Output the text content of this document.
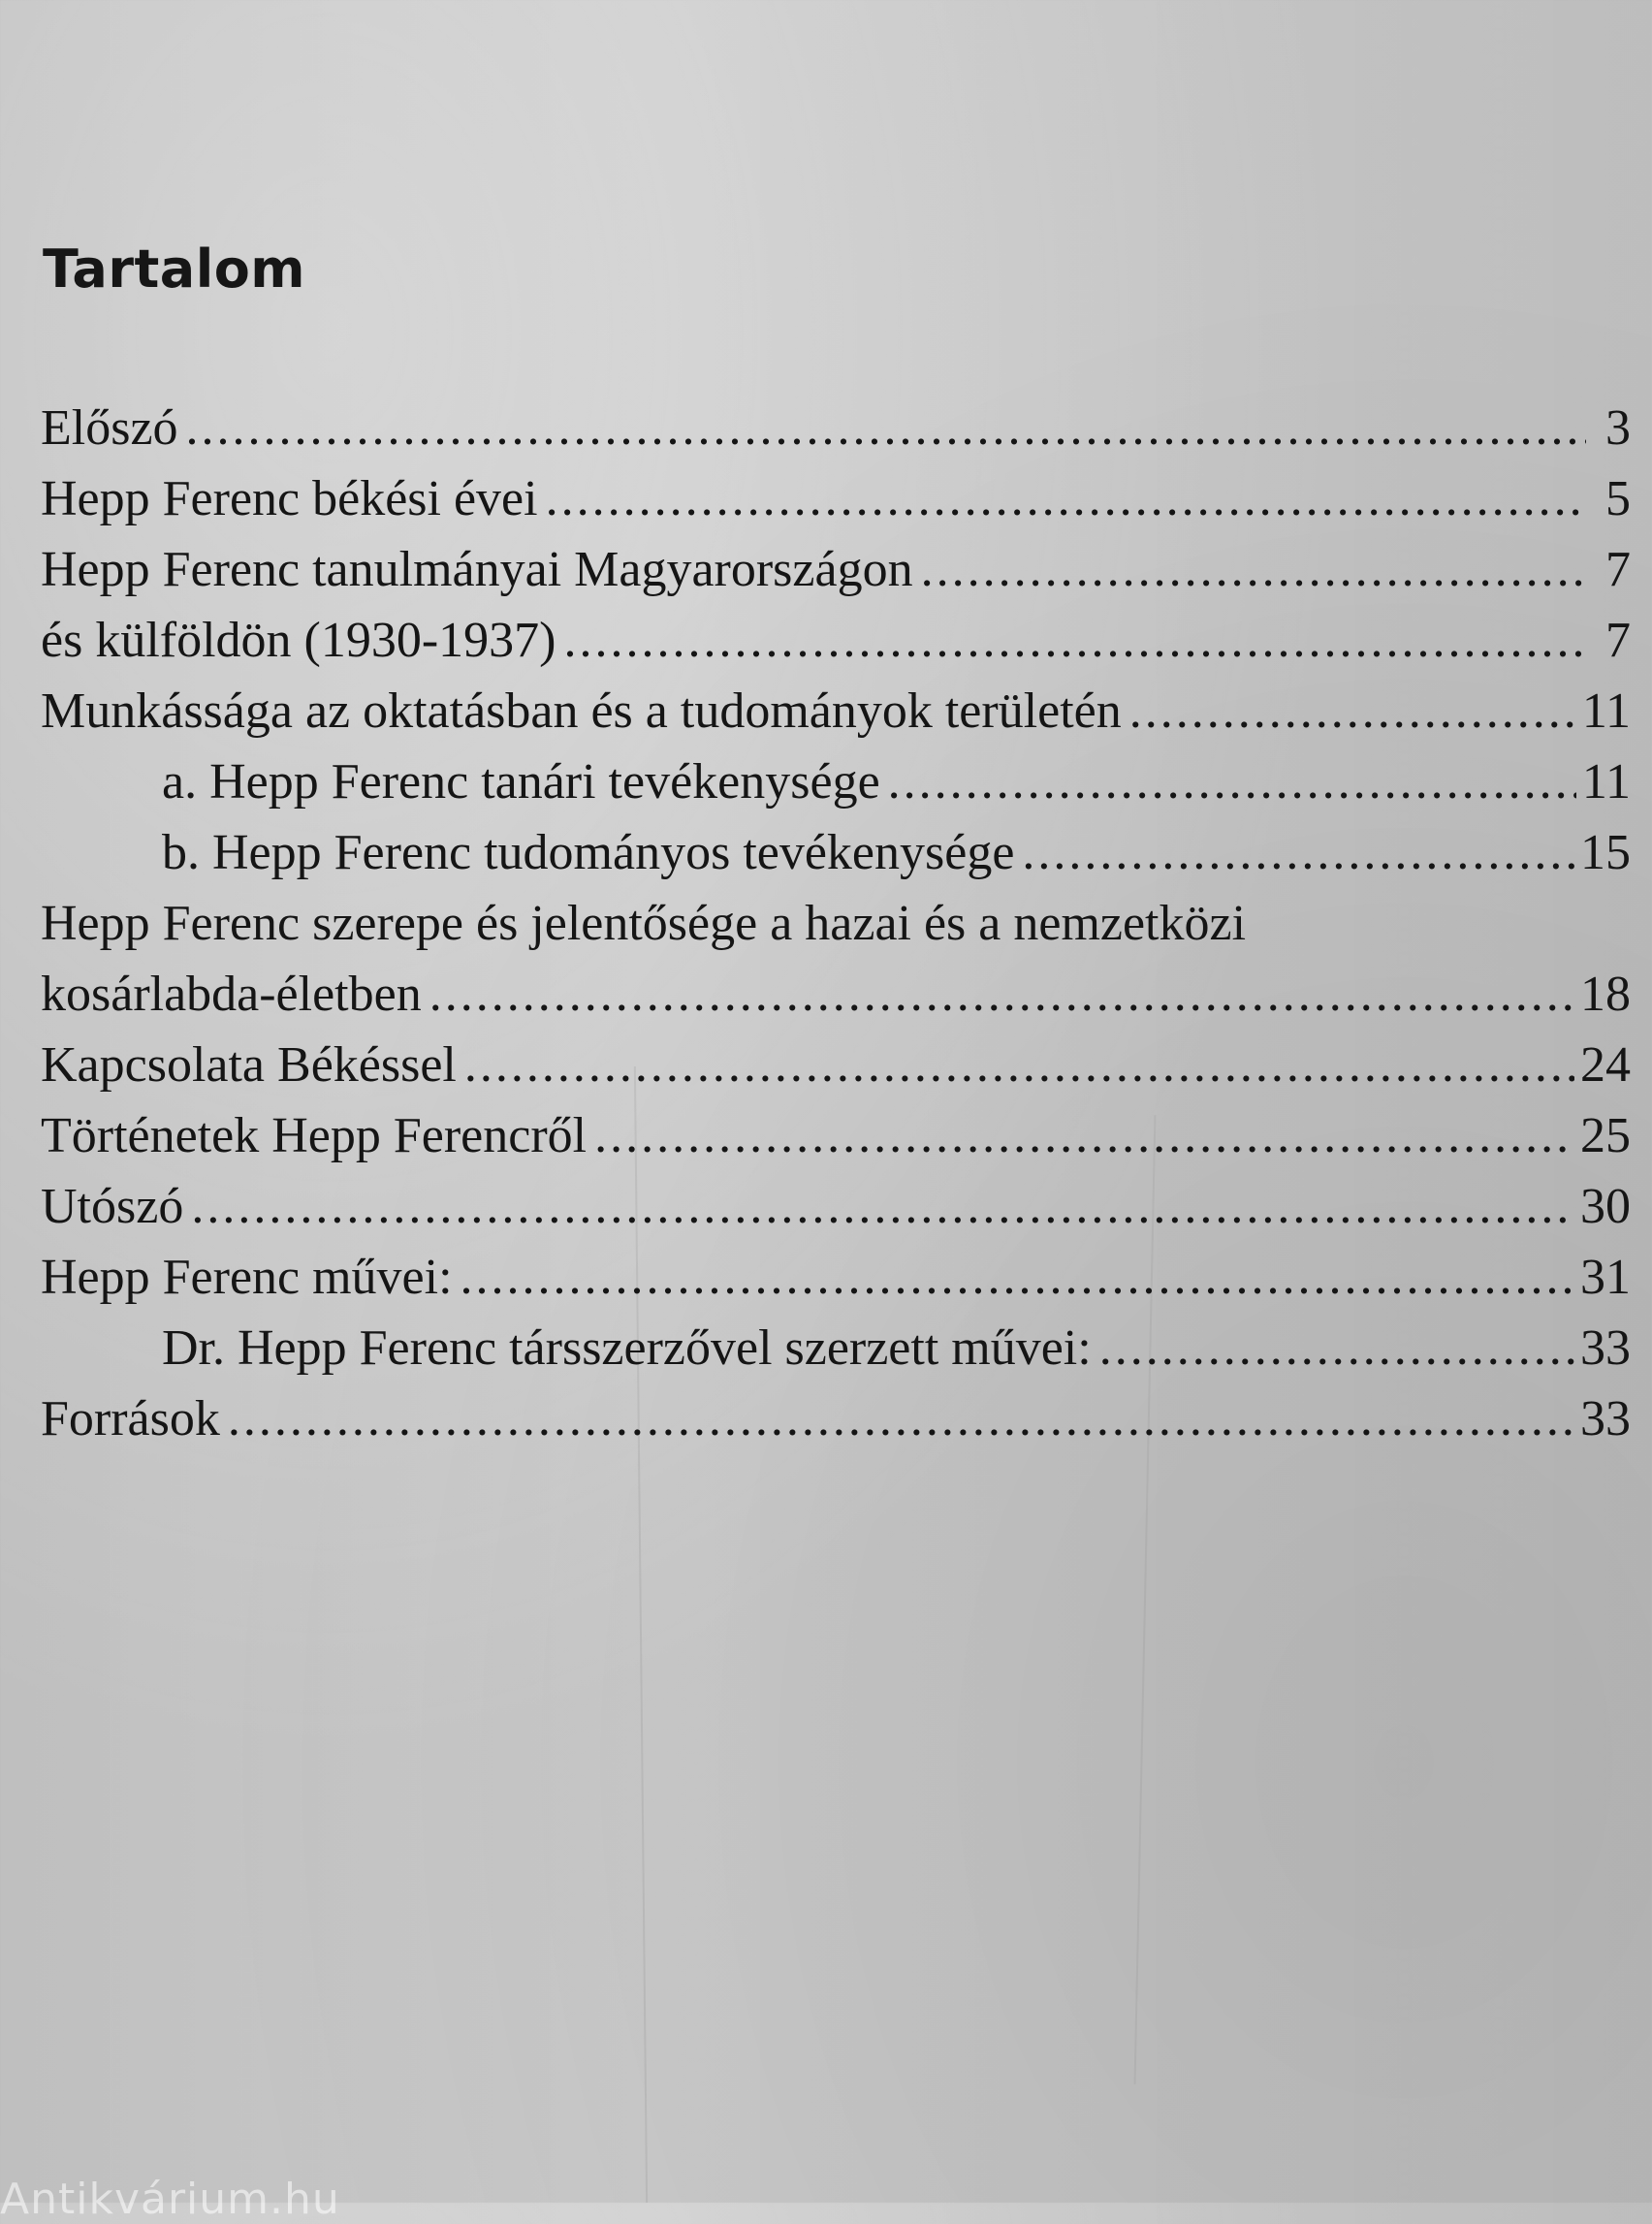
Tartalom
Előszó .....	3
Hepp Ferenc békési évei .....	5
Hepp Ferenc tanulmányai Magyarországon .....	7
és külföldön (1930-1937) .....	7
Munkássága az oktatásban és a tudományok területén .....	11
a. Hepp Ferenc tanári tevékenysége .....	11
b. Hepp Ferenc tudományos tevékenysége .....	15
Hepp Ferenc szerepe és jelentősége a hazai és a nemzetközi
kosárlabda-életben .....	18
Kapcsolata Békéssel .....	24
Történetek Hepp Ferencről .....	25
Utószó .....	30
Hepp Ferenc művei: .....	31
Dr. Hepp Ferenc társszerzővel szerzett művei: .....	33
Források .....	33
Antikvárium.hu
